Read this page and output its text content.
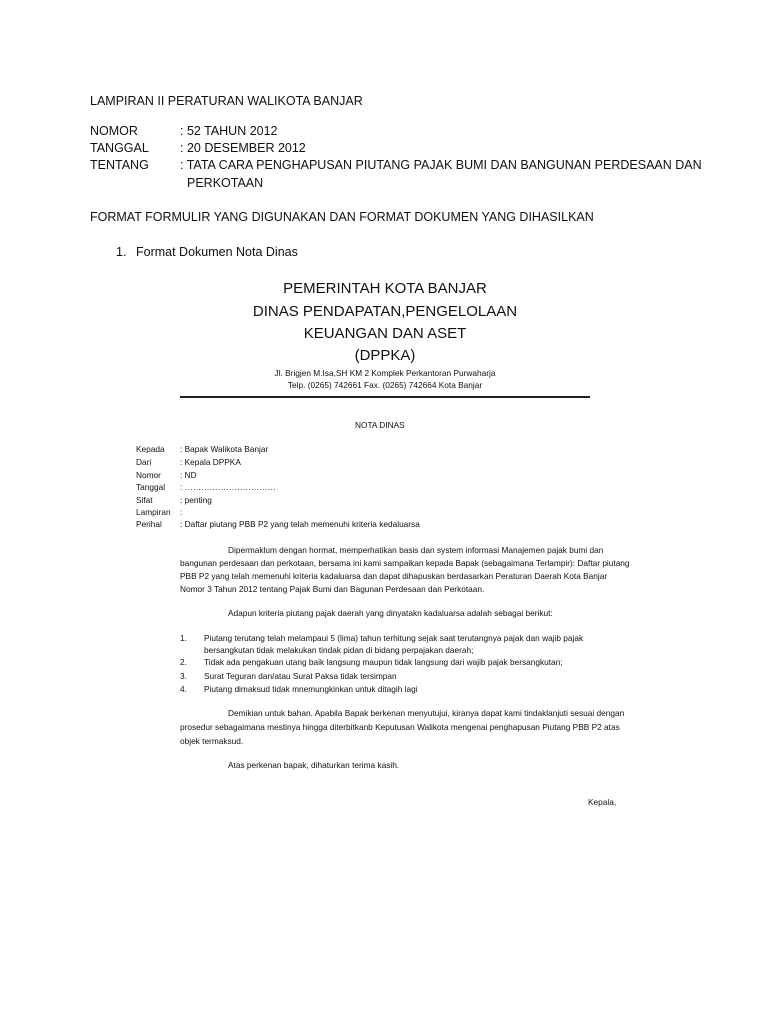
LAMPIRAN II PERATURAN WALIKOTA BANJAR
NOMOR	: 52 TAHUN 2012
TANGGAL : 20 DESEMBER 2012
TENTANG : TATA CARA PENGHAPUSAN PIUTANG PAJAK BUMI DAN BANGUNAN PERDESAAN DAN
PERKOTAAN
FORMAT FORMULIR YANG DIGUNAKAN DAN FORMAT DOKUMEN YANG DIHASILKAN
1. Format Dokumen Nota Dinas
PEMERINTAH KOTA BANJAR
DINAS PENDAPATAN,PENGELOLAAN
KEUANGAN DAN ASET
(DPPKA)
Jl. Brigjen M.Isa,SH KM 2 Komplek Perkantoran Purwaharja
Telp. (0265) 742661 Fax. (0265) 742664 Kota Banjar
NOTA DINAS
Kepada : Bapak Walikota Banjar
Dari	: Kepala DPPKA
Nomor : ND
Tanggal : ……………………………
Sifat	: penting
Lampiran :
Perihal : Daftar piutang PBB P2 yang telah memenuhi kriteria kedaluarsa
Dipermaklum dengan hormat, memperhatikan basis dan system informasi Manajemen pajak bumi dan
bangunan perdesaan dan perkotaan, bersama ini kami sampaikan kepada Bapak (sebagaimana Terlampir): Daftar piutang
PBB P2 yang telah memenuhi kriteria kadaluarsa dan dapat dihapuskan berdasarkan Peraturan Daerah Kota Banjar
Nomor 3 Tahun 2012 tentang Pajak Bumi dan Bagunan Perdesaan dan Perkotaan.
Adapun kriteria piutang pajak daerah yang dinyatakn kadaluarsa adalah sebagai berikut:
1. Piutang terutang telah melampaui 5 (lima) tahun terhitung sejak saat terutangnya pajak dan wajib pajak
bersangkutan tidak melakukan tindak pidan di bidang perpajakan daerah;
2. Tidak ada pengakuan utang baik langsung maupun tidak langsung dari wajib pajak bersangkutan;
3. Surat Teguran dan/atau Surat Paksa tidak tersimpan
4. Piutang dimaksud tidak mnemungkinkan untuk ditagih lagi
Demikian untuk bahan. Apabila Bapak berkenan menyutujui, kiranya dapat kami tindaklanjuti sesuai dengan
prosedur sebagaimana mestinya hingga diterbitkanb Keputusan Walikota mengenai penghapusan Piutang PBB P2 atas
objek termaksud.
Atas perkenan bapak, dihaturkan terima kasih.
Kepala,
